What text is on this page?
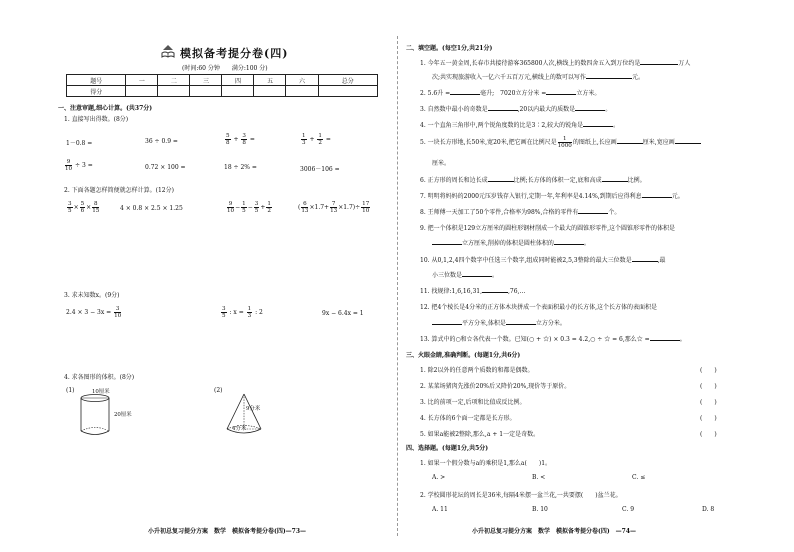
模拟备考提分卷(四)
(时间:60 分钟　　满分:100 分)
题号	一	二	三	四	五	六	总分
得分							
一、注意审题,细心计算。(共37分)
1. 直接写出得数。(8分)
1－0.8 =	36 ÷ 0.9 =	$\frac{5}{8} + \frac{3}{8}$ =	$\frac{1}{3} + \frac{1}{2}$ =
$\frac{9}{10} \div 3$ =	0.72 × 100 =	18 ÷ 2% =	3006－106 =
2. 下面各题怎样简便就怎样计算。(12分)
$\frac{3}{5} \times \frac{5}{6} \times \frac{8}{15}$	4 × 0.8 × 2.5 × 1.25	$\frac{9}{10} - \frac{1}{5} - \frac{3}{5} + \frac{1}{2}$	( $\frac{6}{13} \times 1.7+ \frac{7}{13} \times 1.7)\div \frac{17}{10}$
3. 求未知数x。(9分)
$2.4 \times 3 - 3x = \frac{3}{10}$	$\frac{3}{5}$ : $x = \frac{1}{3}$ : 2	9x − 6.4x = 1
4. 求各图形的体积。(8分)
(1)	10厘米
20厘米
(2)
9分米
4分米
小升初总复习提分方案　数学　模拟备考提分卷(四)—73—
二、填空题。(每空1分,共21分)
1. 今年五一黄金周,长春市共接待游客365800人次,横线上的数四舍五入到万位约是	万人
次;共实现旅游收入一亿六千五百万元,横线上的数可以写作	元。
2. 5.6升 =	毫升;　7020立方分米 =	立方米。
3. 自然数中最小的奇数是	,20以内最大的质数是	。
4. 一个直角三角形中,两个锐角度数的比是3∶2,较大的锐角是	。
5. 一块长方形地,长50米,宽20米,把它画在比例尺是 $\frac{1}{1000}$ 的图纸上,长应画	厘米,宽应画
厘米。
6. 正方形的周长和边长成	比例;长方体的体积一定,底和高成	比例。
7. 明明将妈妈的2000元压岁钱存入银行,定期一年,年利率是4.14%,到期后应得利息	元。
8. 王师傅一天加工了50个零件,合格率为98%,合格的零件有	个。
9. 把一个体积是129立方厘米的圆柱形钢材削成一个最大的圆锥形零件,这个圆锥形零件的体积是
立方厘米,削掉的体积是圆柱体积的	。
10. 从0,1,2,4四个数字中任选三个数字,组成同时能被2,5,3整除的最大三位数是	,最
小三位数是	。
11. 找规律:1,6,16,31,	,76,…
12. 把4个棱长是4分米的正方体木块拼成一个表面积最小的长方体,这个长方体的表面积是
平方分米,体积是	立方分米。
13. 算式中的○和☆各代表一个数。已知(○ + ☆) × 0.3 = 4.2,○ ÷ ☆ = 6,那么☆ =	。
三、火眼金睛,准确判断。(每题1分,共6分)
1. 除2以外的任意两个质数的和都是偶数。
2. 某菜场猪肉先涨价20%后又降价20%,现价等于原价。
3. 比的前项一定,后项和比值成反比例。
4. 长方体的6个面一定都是长方形。
5. 如果a能被2整除,那么,a + 1一定是奇数。
(　　)
(　　)
(　　)
(　　)
(　　)
四、选择题。(每题1分,共5分)
1. 如果一个假分数与a的乘积是1,那么a(　　)1。
A. >	B. <	C. ≤
2. 学校圆形花坛的周长是36米,每隔4米摆一盆兰花,一共要摆(　　)盆兰花。
A. 11	B. 10	C. 9	D. 8
小升初总复习提分方案　数学　模拟备考提分卷(四)　—74—
